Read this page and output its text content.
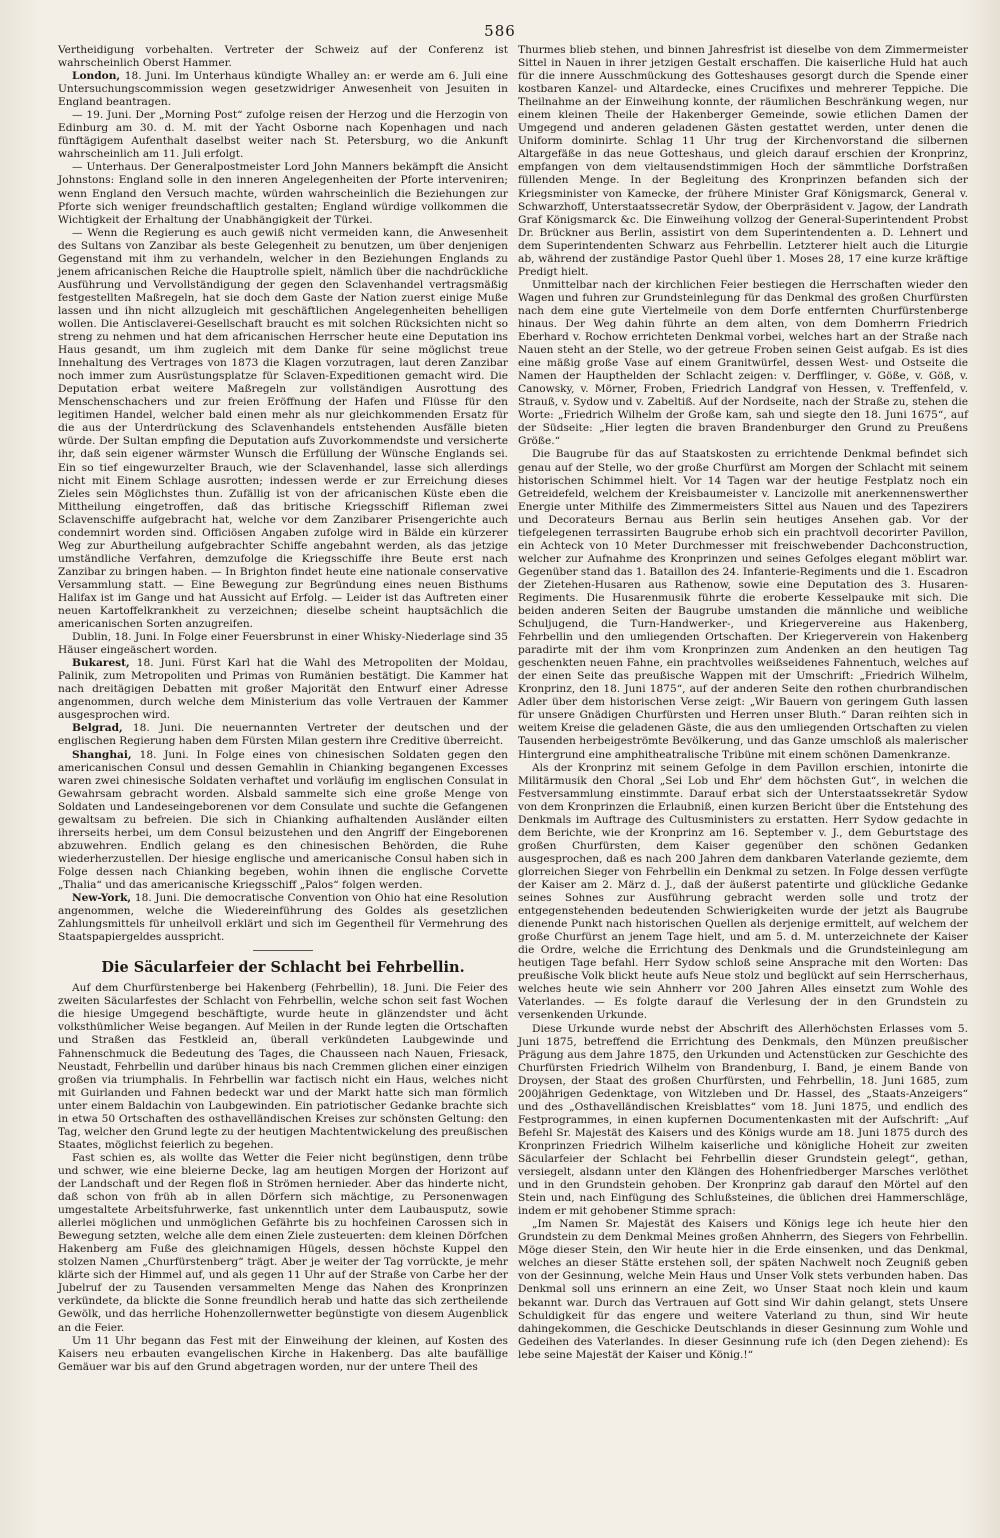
586

Vertheidigung vorbehalten. Vertreter der Schweiz auf der Conferenz ist wahrscheinlich Oberst Hammer.

London, 18. Juni. Im Unterhaus kündigte Whalley an: er werde am 6. Juli eine Untersuchungscommission wegen gesetzwidriger Anwesenheit von Jesuiten in England beantragen.

— 19. Juni. Der „Morning Post“ zufolge reisen der Herzog und die Herzogin von Edinburg am 30. d. M. mit der Yacht Osborne nach Kopenhagen und nach fünftägigem Aufenthalt daselbst weiter nach St. Petersburg, wo die Ankunft wahrscheinlich am 11. Juli erfolgt.

— Unterhaus. Der Generalpostmeister Lord John Manners bekämpft die Ansicht Johnstons: England solle in den inneren Angelegenheiten der Pforte interveniren; wenn England den Versuch machte, würden wahrscheinlich die Beziehungen zur Pforte sich weniger freundschaftlich gestalten; England würdige vollkommen die Wichtigkeit der Erhaltung der Unabhängigkeit der Türkei.

— Wenn die Regierung es auch gewiß nicht vermeiden kann, die Anwesenheit des Sultans von Zanzibar als beste Gelegenheit zu benutzen, um über denjenigen Gegenstand mit ihm zu verhandeln, welcher in den Beziehungen Englands zu jenem africanischen Reiche die Hauptrolle spielt, nämlich über die nachdrückliche Ausführung und Vervollständigung der gegen den Sclavenhandel vertragsmäßig festgestellten Maßregeln, hat sie doch dem Gaste der Nation zuerst einige Muße lassen und ihn nicht allzugleich mit geschäftlichen Angelegenheiten behelligen wollen. Die Antisclaverei-Gesellschaft braucht es mit solchen Rücksichten nicht so streng zu nehmen und hat dem africanischen Herrscher heute eine Deputation ins Haus gesandt, um ihm zugleich mit dem Danke für seine möglichst treue Innehaltung des Vertrages von 1873 die Klagen vorzutragen, laut deren Zanzibar noch immer zum Ausrüstungsplatze für Sclaven-Expeditionen gemacht wird. Die Deputation erbat weitere Maßregeln zur vollständigen Ausrottung des Menschenschachers und zur freien Eröffnung der Hafen und Flüsse für den legitimen Handel, welcher bald einen mehr als nur gleichkommenden Ersatz für die aus der Unterdrückung des Sclavenhandels entstehenden Ausfälle bieten würde. Der Sultan empfing die Deputation aufs Zuvorkommendste und versicherte ihr, daß sein eigener wärmster Wunsch die Erfüllung der Wünsche Englands sei. Ein so tief eingewurzelter Brauch, wie der Sclavenhandel, lasse sich allerdings nicht mit Einem Schlage ausrotten; indessen werde er zur Erreichung dieses Zieles sein Möglichstes thun. Zufällig ist von der africanischen Küste eben die Mittheilung eingetroffen, daß das britische Kriegsschiff Rifleman zwei Sclavenschiffe aufgebracht hat, welche vor dem Zanzibarer Prisengerichte auch condemnirt worden sind. Officiösen Angaben zufolge wird in Bälde ein kürzerer Weg zur Aburtheilung aufgebrachter Schiffe angebahnt werden, als das jetzige umständliche Verfahren, demzufolge die Kriegsschiffe ihre Beute erst nach Zanzibar zu bringen haben. — In Brighton findet heute eine nationale conservative Versammlung statt. — Eine Bewegung zur Begründung eines neuen Bisthums Halifax ist im Gange und hat Aussicht auf Erfolg. — Leider ist das Auftreten einer neuen Kartoffelkrankheit zu verzeichnen; dieselbe scheint hauptsächlich die americanischen Sorten anzugreifen.

Dublin, 18. Juni. In Folge einer Feuersbrunst in einer Whisky-Niederlage sind 35 Häuser eingeäschert worden.

Bukarest, 18. Juni. Fürst Karl hat die Wahl des Metropoliten der Moldau, Palinik, zum Metropoliten und Primas von Rumänien bestätigt. Die Kammer hat nach dreitägigen Debatten mit großer Majorität den Entwurf einer Adresse angenommen, durch welche dem Ministerium das volle Vertrauen der Kammer ausgesprochen wird.

Belgrad, 18. Juni. Die neuernannten Vertreter der deutschen und der englischen Regierung haben dem Fürsten Milan gestern ihre Creditive überreicht.

Shanghai, 18. Juni. In Folge eines von chinesischen Soldaten gegen den americanischen Consul und dessen Gemahlin in Chianking begangenen Excesses waren zwei chinesische Soldaten verhaftet und vorläufig im englischen Consulat in Gewahrsam gebracht worden. Alsbald sammelte sich eine große Menge von Soldaten und Landeseingeborenen vor dem Consulate und suchte die Gefangenen gewaltsam zu befreien. Die sich in Chianking aufhaltenden Ausländer eilten ihrerseits herbei, um dem Consul beizustehen und den Angriff der Eingeborenen abzuwehren. Endlich gelang es den chinesischen Behörden, die Ruhe wiederherzustellen. Der hiesige englische und americanische Consul haben sich in Folge dessen nach Chianking begeben, wohin ihnen die englische Corvette „Thalia“ und das americanische Kriegsschiff „Palos“ folgen werden.

New-York, 18. Juni. Die democratische Convention von Ohio hat eine Resolution angenommen, welche die Wiedereinführung des Goldes als gesetzlichen Zahlungsmittels für unheilvoll erklärt und sich im Gegentheil für Vermehrung des Staatspapiergeldes ausspricht.

Die Säcularfeier der Schlacht bei Fehrbellin.

Auf dem Churfürstenberge bei Hakenberg (Fehrbellin), 18. Juni. Die Feier des zweiten Säcularfestes der Schlacht von Fehrbellin, welche schon seit fast Wochen die hiesige Umgegend beschäftigte, wurde heute in glänzendster und ächt volksthümlicher Weise begangen. Auf Meilen in der Runde legten die Ortschaften und Straßen das Festkleid an, überall verkündeten Laubgewinde und Fahnenschmuck die Bedeutung des Tages, die Chausseen nach Nauen, Friesack, Neustadt, Fehrbellin und darüber hinaus bis nach Cremmen glichen einer einzigen großen via triumphalis. In Fehrbellin war factisch nicht ein Haus, welches nicht mit Guirlanden und Fahnen bedeckt war und der Markt hatte sich man förmlich unter einem Baldachin von Laubgewinden. Ein patriotischer Gedanke brachte sich in etwa 50 Ortschaften des osthavelländischen Kreises zur schönsten Geltung: den Tag, welcher den Grund legte zu der heutigen Machtentwickelung des preußischen Staates, möglichst feierlich zu begehen.

Fast schien es, als wollte das Wetter die Feier nicht begünstigen, denn trübe und schwer, wie eine bleierne Decke, lag am heutigen Morgen der Horizont auf der Landschaft und der Regen floß in Strömen hernieder. Aber das hinderte nicht, daß schon von früh ab in allen Dörfern sich mächtige, zu Personenwagen umgestaltete Arbeitsfuhrwerke, fast unkenntlich unter dem Laubausputz, sowie allerlei möglichen und unmöglichen Gefährte bis zu hochfeinen Carossen sich in Bewegung setzten, welche alle dem einen Ziele zusteuerten: dem kleinen Dörfchen Hakenberg am Fuße des gleichnamigen Hügels, dessen höchste Kuppel den stolzen Namen „Churfürstenberg“ trägt. Aber je weiter der Tag vorrückte, je mehr klärte sich der Himmel auf, und als gegen 11 Uhr auf der Straße von Carbe her der Jubelruf der zu Tausenden versammelten Menge das Nahen des Kronprinzen verkündete, da blickte die Sonne freundlich herab und hatte das sich zertheilende Gewölk, und das herrliche Hohenzollernwetter begünstigte von diesem Augenblick an die Feier.

Um 11 Uhr begann das Fest mit der Einweihung der kleinen, auf Kosten des Kaisers neu erbauten evangelischen Kirche in Hakenberg. Das alte baufällige Gemäuer war bis auf den Grund abgetragen worden, nur der untere Theil des

Thurmes blieb stehen, und binnen Jahresfrist ist dieselbe von dem Zimmermeister Sittel in Nauen in ihrer jetzigen Gestalt erschaffen. Die kaiserliche Huld hat auch für die innere Ausschmückung des Gotteshauses gesorgt durch die Spende einer kostbaren Kanzel- und Altardecke, eines Crucifixes und mehrerer Teppiche. Die Theilnahme an der Einweihung konnte, der räumlichen Beschränkung wegen, nur einem kleinen Theile der Hakenberger Gemeinde, sowie etlichen Damen der Umgegend und anderen geladenen Gästen gestattet werden, unter denen die Uniform dominirte. Schlag 11 Uhr trug der Kirchenvorstand die silbernen Altargefäße in das neue Gotteshaus, und gleich darauf erschien der Kronprinz, empfangen von dem vieltausendstimmigen Hoch der sämmtliche Dorfstraßen füllenden Menge. In der Begleitung des Kronprinzen befanden sich der Kriegsminister von Kamecke, der frühere Minister Graf Königsmarck, General v. Schwarzhoff, Unterstaatssecretär Sydow, der Oberpräsident v. Jagow, der Landrath Graf Königsmarck &c. Die Einweihung vollzog der General-Superintendent Probst Dr. Brückner aus Berlin, assistirt von dem Superintendenten a. D. Lehnert und dem Superintendenten Schwarz aus Fehrbellin. Letzterer hielt auch die Liturgie ab, während der zuständige Pastor Quehl über 1. Moses 28, 17 eine kurze kräftige Predigt hielt.

Unmittelbar nach der kirchlichen Feier bestiegen die Herrschaften wieder den Wagen und fuhren zur Grundsteinlegung für das Denkmal des großen Churfürsten nach dem eine gute Viertelmeile von dem Dorfe entfernten Churfürstenberge hinaus. Der Weg dahin führte an dem alten, von dem Domherrn Friedrich Eberhard v. Rochow errichteten Denkmal vorbei, welches hart an der Straße nach Nauen steht an der Stelle, wo der getreue Froben seinen Geist aufgab. Es ist dies eine mäßig große Vase auf einem Granitwürfel, dessen West- und Ostseite die Namen der Haupthelden der Schlacht zeigen: v. Derfflinger, v. Göße, v. Göß, v. Canowsky, v. Mörner, Froben, Friedrich Landgraf von Hessen, v. Treffenfeld, v. Strauß, v. Sydow und v. Zabeltiß. Auf der Nordseite, nach der Straße zu, stehen die Worte: „Friedrich Wilhelm der Große kam, sah und siegte den 18. Juni 1675“, auf der Südseite: „Hier legten die braven Brandenburger den Grund zu Preußens Größe.“

Die Baugrube für das auf Staatskosten zu errichtende Denkmal befindet sich genau auf der Stelle, wo der große Churfürst am Morgen der Schlacht mit seinem historischen Schimmel hielt. Vor 14 Tagen war der heutige Festplatz noch ein Getreidefeld, welchem der Kreisbaumeister v. Lancizolle mit anerkennenswerther Energie unter Mithilfe des Zimmermeisters Sittel aus Nauen und des Tapezirers und Decorateurs Bernau aus Berlin sein heutiges Ansehen gab. Vor der tiefgelegenen terrassirten Baugrube erhob sich ein prachtvoll decorirter Pavillon, ein Achteck von 10 Meter Durchmesser mit freischwebender Dachconstruction, welcher zur Aufnahme des Kronprinzen und seines Gefolges elegant möblirt war. Gegenüber stand das 1. Bataillon des 24. Infanterie-Regiments und die 1. Escadron der Zietehen-Husaren aus Rathenow, sowie eine Deputation des 3. Husaren-Regiments. Die Husarenmusik führte die eroberte Kesselpauke mit sich. Die beiden anderen Seiten der Baugrube umstanden die männliche und weibliche Schuljugend, die Turn-Handwerker-, und Kriegervereine aus Hakenberg, Fehrbellin und den umliegenden Ortschaften. Der Kriegerverein von Hakenberg paradirte mit der ihm vom Kronprinzen zum Andenken an den heutigen Tag geschenkten neuen Fahne, ein prachtvolles weißseidenes Fahnentuch, welches auf der einen Seite das preußische Wappen mit der Umschrift: „Friedrich Wilhelm, Kronprinz, den 18. Juni 1875“, auf der anderen Seite den rothen churbrandischen Adler über dem historischen Verse zeigt: „Wir Bauern von geringem Guth lassen für unsere Gnädigen Churfürsten und Herren unser Bluth.“ Daran reihten sich in weitem Kreise die geladenen Gäste, die aus den umliegenden Ortschaften zu vielen Tausenden herbeigeströmte Bevölkerung, und das Ganze umschloß als malerischer Hintergrund eine amphitheatralische Tribüne mit einem schönen Damenkranze.

Als der Kronprinz mit seinem Gefolge in dem Pavillon erschien, intonirte die Militärmusik den Choral „Sei Lob und Ehr' dem höchsten Gut“, in welchen die Festversammlung einstimmte. Darauf erbat sich der Unterstaatssekretär Sydow von dem Kronprinzen die Erlaubniß, einen kurzen Bericht über die Entstehung des Denkmals im Auftrage des Cultusministers zu erstatten. Herr Sydow gedachte in dem Berichte, wie der Kronprinz am 16. September v. J., dem Geburtstage des großen Churfürsten, dem Kaiser gegenüber den schönen Gedanken ausgesprochen, daß es nach 200 Jahren dem dankbaren Vaterlande geziemte, dem glorreichen Sieger von Fehrbellin ein Denkmal zu setzen. In Folge dessen verfügte der Kaiser am 2. März d. J., daß der äußerst patentirte und glückliche Gedanke seines Sohnes zur Ausführung gebracht werden solle und trotz der entgegenstehenden bedeutenden Schwierigkeiten wurde der jetzt als Baugrube dienende Punkt nach historischen Quellen als derjenige ermittelt, auf welchem der große Churfürst an jenem Tage hielt, und am 5. d. M. unterzeichnete der Kaiser die Ordre, welche die Errichtung des Denkmals und die Grundsteinlegung am heutigen Tage befahl. Herr Sydow schloß seine Ansprache mit den Worten: Das preußische Volk blickt heute aufs Neue stolz und beglückt auf sein Herrscherhaus, welches heute wie sein Ahnherr vor 200 Jahren Alles einsetzt zum Wohle des Vaterlandes. — Es folgte darauf die Verlesung der in den Grundstein zu versenkenden Urkunde.

Diese Urkunde wurde nebst der Abschrift des Allerhöchsten Erlasses vom 5. Juni 1875, betreffend die Errichtung des Denkmals, den Münzen preußischer Prägung aus dem Jahre 1875, den Urkunden und Actenstücken zur Geschichte des Churfürsten Friedrich Wilhelm von Brandenburg, I. Band, je einem Bande von Droysen, der Staat des großen Churfürsten, und Fehrbellin, 18. Juni 1685, zum 200jährigen Gedenktage, von Witzleben und Dr. Hassel, des „Staats-Anzeigers“ und des „Osthavelländischen Kreisblattes“ vom 18. Juni 1875, und endlich des Festprogrammes, in einen kupfernen Documentenkasten mit der Aufschrift: „Auf Befehl Sr. Majestät des Kaisers und des Königs wurde am 18. Juni 1875 durch des Kronprinzen Friedrich Wilhelm kaiserliche und königliche Hoheit zur zweiten Säcularfeier der Schlacht bei Fehrbellin dieser Grundstein gelegt“, gethan, versiegelt, alsdann unter den Klängen des Hohenfriedberger Marsches verlöthet und in den Grundstein gehoben. Der Kronprinz gab darauf den Mörtel auf den Stein und, nach Einfügung des Schlußsteines, die üblichen drei Hammerschläge, indem er mit gehobener Stimme sprach:

„Im Namen Sr. Majestät des Kaisers und Königs lege ich heute hier den Grundstein zu dem Denkmal Meines großen Ahnherrn, des Siegers von Fehrbellin. Möge dieser Stein, den Wir heute hier in die Erde einsenken, und das Denkmal, welches an dieser Stätte erstehen soll, der späten Nachwelt noch Zeugniß geben von der Gesinnung, welche Mein Haus und Unser Volk stets verbunden haben. Das Denkmal soll uns erinnern an eine Zeit, wo Unser Staat noch klein und kaum bekannt war. Durch das Vertrauen auf Gott sind Wir dahin gelangt, stets Unsere Schuldigkeit für das engere und weitere Vaterland zu thun, sind Wir heute dahingekommen, die Geschicke Deutschlands in dieser Gesinnung zum Wohle und Gedeihen des Vaterlandes. In dieser Gesinnung rufe ich (den Degen ziehend): Es lebe seine Majestät der Kaiser und König.!“
